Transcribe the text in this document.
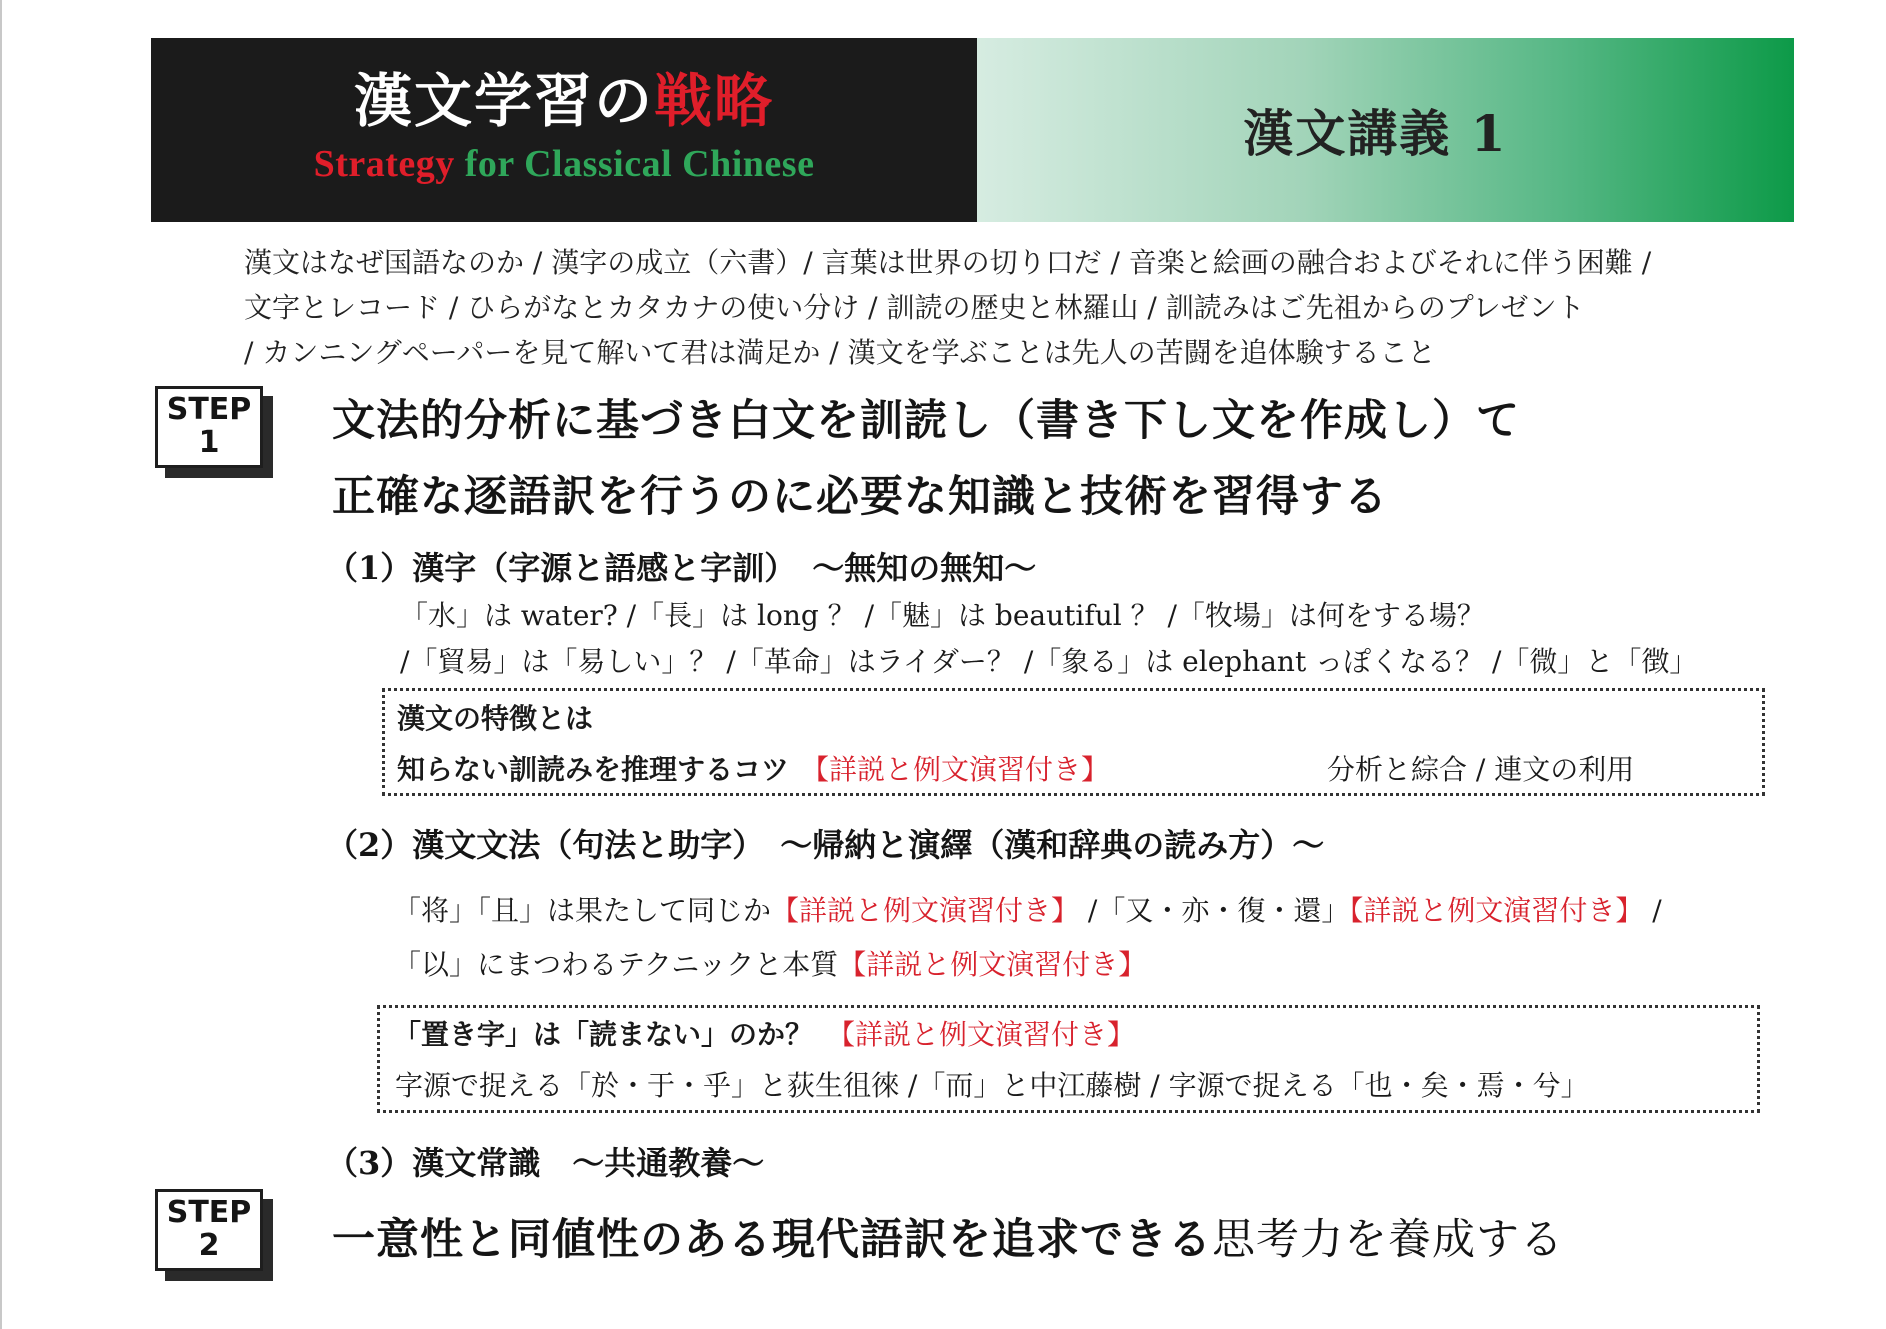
漢文学習の戦略
Strategy for Classical Chinese
漢文講義 1
漢文はなぜ国語なのか / 漢字の成立（六書）/ 言葉は世界の切り口だ / 音楽と絵画の融合およびそれに伴う困難 /
文字とレコード / ひらがなとカタカナの使い分け / 訓読の歴史と林羅山 / 訓読みはご先祖からのプレゼント
/ カンニングペーパーを見て解いて君は満足か / 漢文を学ぶことは先人の苦闘を追体験すること
STEP
1	文法的分析に基づき白文を訓読し（書き下し文を作成し）て
正確な逐語訳を行うのに必要な知識と技術を習得する
（1）漢字（字源と語感と字訓）　～無知の無知～
「水」は water? /「長」は long ？ /「魅」は beautiful ？ /「牧場」は何をする場？
/「貿易」は「易しい」？ /「革命」はライダー？ /「象る」は elephant っぽくなる？ /「微」と「徴」
漢文の特徴とは
知らない訓読みを推理するコツ 【詳説と例文演習付き】	分析と綜合 / 連文の利用
（2）漢文文法（句法と助字）　～帰納と演繹（漢和辞典の読み方）～
「将」「且」は果たして同じか【詳説と例文演習付き】 /「又・亦・復・還」【詳説と例文演習付き】 /
「以」にまつわるテクニックと本質【詳説と例文演習付き】
「置き字」は「読まない」のか？ 【詳説と例文演習付き】
字源で捉える「於・于・乎」と荻生徂徠 /「而」と中江藤樹 / 字源で捉える「也・矣・焉・兮」
（3）漢文常識　～共通教養～
STEP
2	一意性と同値性のある現代語訳を追求できる思考力を養成する
